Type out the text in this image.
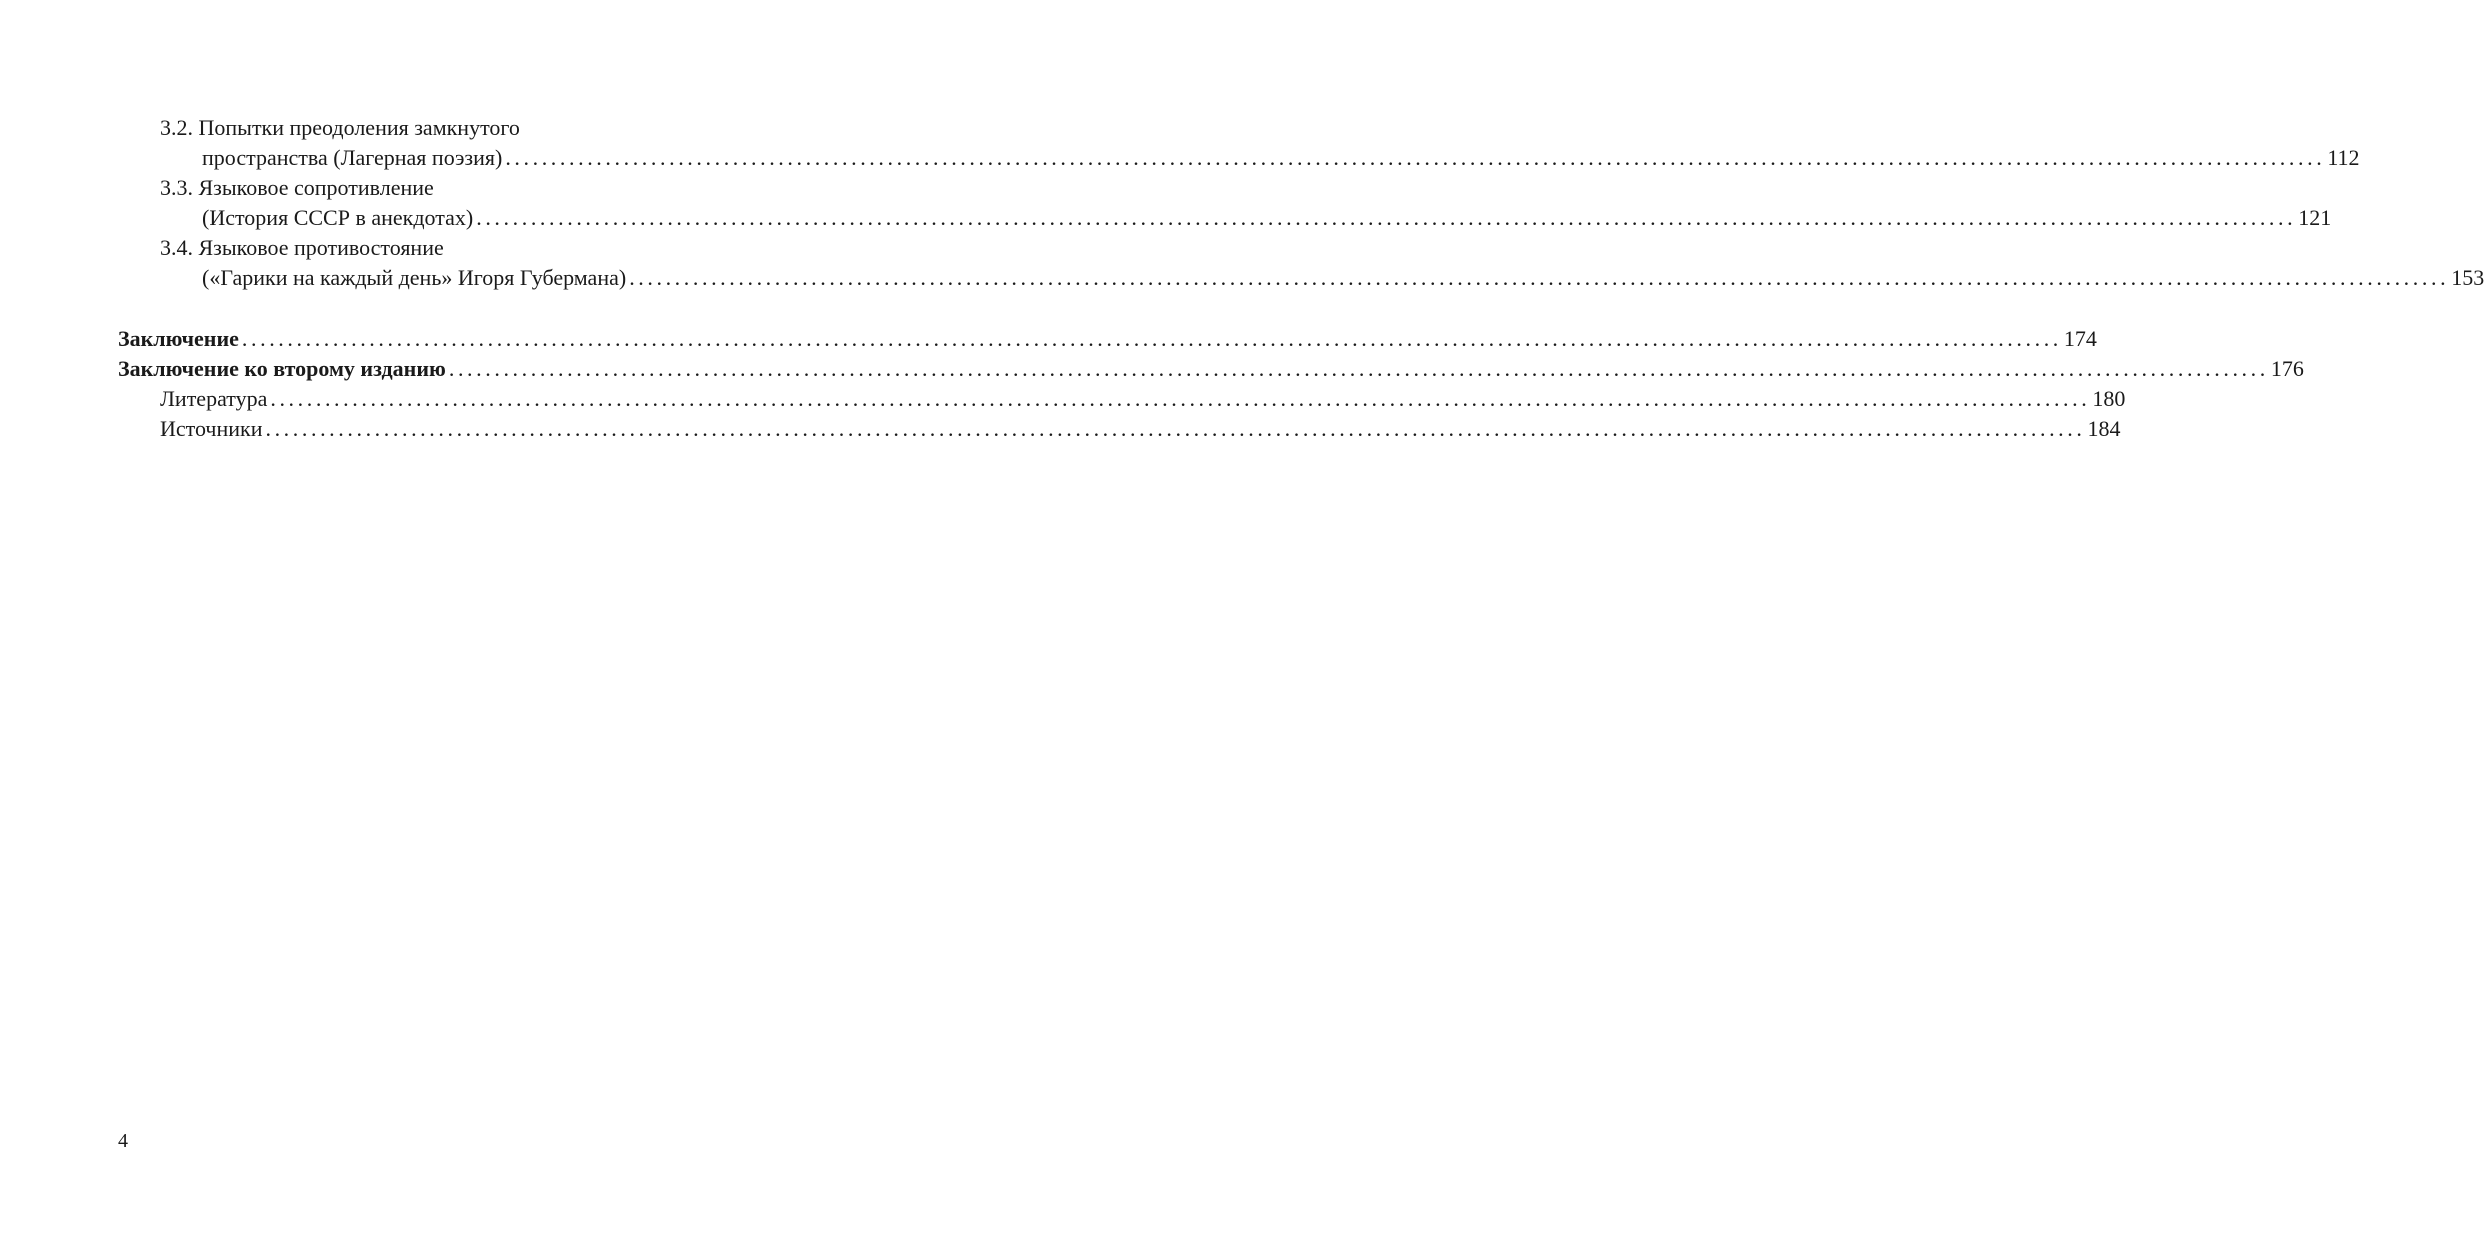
3.2. Попытки преодоления замкнутого
пространства (Лагерная поэзия) ........................................................................................................................................................................................................ 112
3.3. Языковое сопротивление
(История СССР в анекдотах) ........................................................................................................................................................................................................ 121
3.4. Языковое противостояние
(«Гарики на каждый день» Игоря Губермана) ........................................................................................................................................................................................................ 153
Заключение ........................................................................................................................................................................................................ 174
Заключение ко второму изданию ........................................................................................................................................................................................................ 176
Литература ........................................................................................................................................................................................................ 180
Источники ........................................................................................................................................................................................................ 184
4
